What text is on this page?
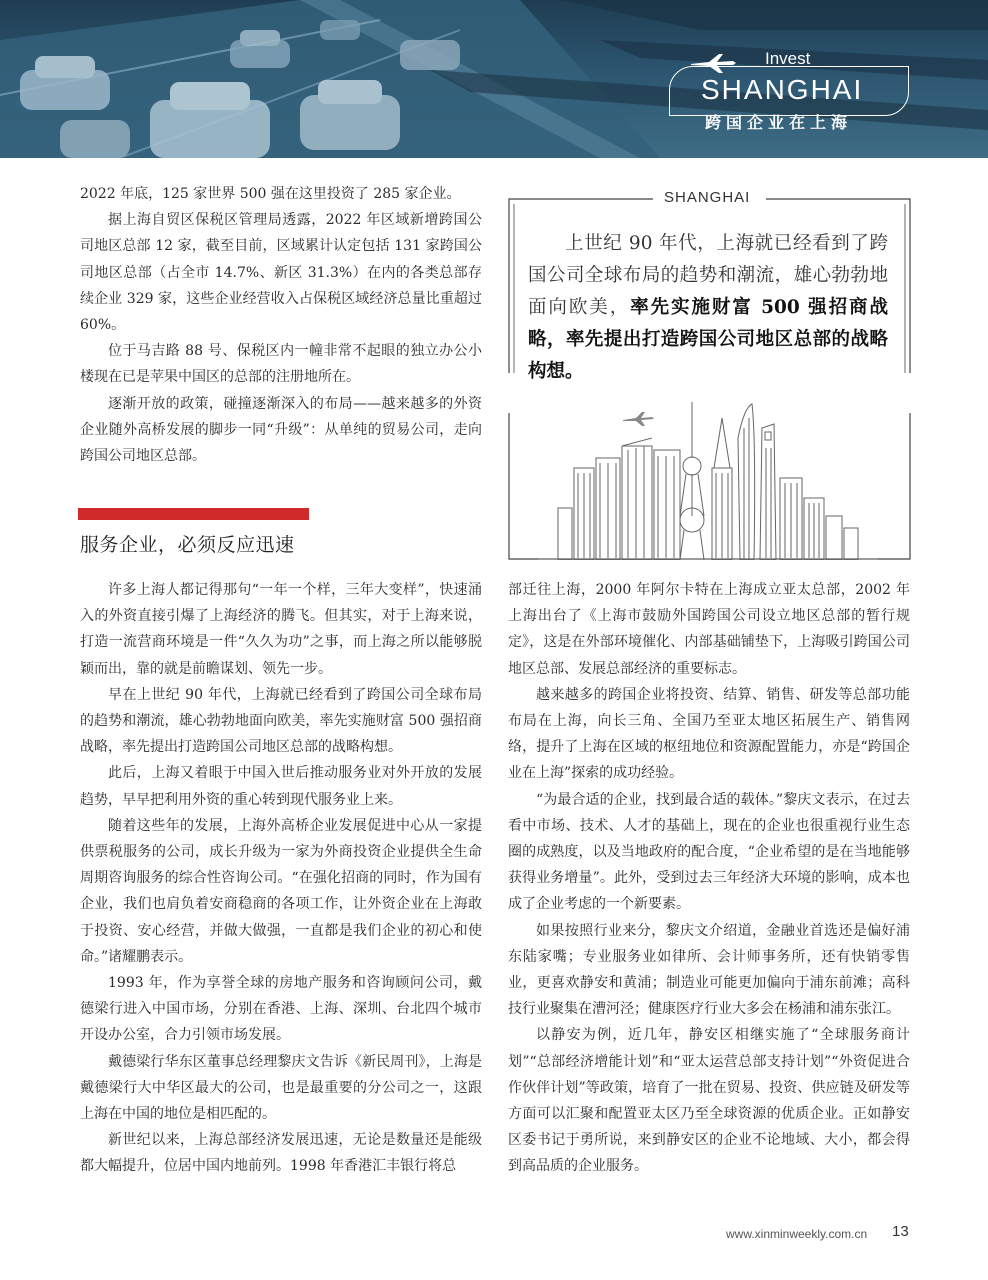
Invest
SHANGHAI
跨国企业在上海

2022 年底，125 家世界 500 强在这里投资了 285 家企业。

据上海自贸区保税区管理局透露，2022 年区域新增跨国公司地区总部 12 家，截至目前，区域累计认定包括 131 家跨国公司地区总部（占全市 14.7%、新区 31.3%）在内的各类总部存续企业 329 家，这些企业经营收入占保税区域经济总量比重超过 60%。

位于马吉路 88 号、保税区内一幢非常不起眼的独立办公小楼现在已是苹果中国区的总部的注册地所在。

逐渐开放的政策，碰撞逐渐深入的布局——越来越多的外资企业随外高桥发展的脚步一同“升级”：从单纯的贸易公司，走向跨国公司地区总部。

服务企业，必须反应迅速
SHANGHAI
上世纪 90 年代，上海就已经看到了跨国公司全球布局的趋势和潮流，雄心勃勃地面向欧美，率先实施财富 500 强招商战略，率先提出打造跨国公司地区总部的战略构想。

许多上海人都记得那句“一年一个样，三年大变样”，快速涌入的外资直接引爆了上海经济的腾飞。但其实，对于上海来说，打造一流营商环境是一件“久久为功”之事，而上海之所以能够脱颖而出，靠的就是前瞻谋划、领先一步。

早在上世纪 90 年代，上海就已经看到了跨国公司全球布局的趋势和潮流，雄心勃勃地面向欧美，率先实施财富 500 强招商战略，率先提出打造跨国公司地区总部的战略构想。

此后，上海又着眼于中国入世后推动服务业对外开放的发展趋势，早早把利用外资的重心转到现代服务业上来。

随着这些年的发展，上海外高桥企业发展促进中心从一家提供票税服务的公司，成长升级为一家为外商投资企业提供全生命周期咨询服务的综合性咨询公司。“在强化招商的同时，作为国有企业，我们也肩负着安商稳商的各项工作，让外资企业在上海敢于投资、安心经营，并做大做强，一直都是我们企业的初心和使命。”诸耀鹏表示。

1993 年，作为享誉全球的房地产服务和咨询顾问公司，戴德梁行进入中国市场，分别在香港、上海、深圳、台北四个城市开设办公室，合力引领市场发展。

戴德梁行华东区董事总经理黎庆文告诉《新民周刊》，上海是戴德梁行大中华区最大的公司，也是最重要的分公司之一，这跟上海在中国的地位是相匹配的。

新世纪以来，上海总部经济发展迅速，无论是数量还是能级都大幅提升，位居中国内地前列。1998 年香港汇丰银行将总

部迁往上海，2000 年阿尔卡特在上海成立亚太总部，2002 年上海出台了《上海市鼓励外国跨国公司设立地区总部的暂行规定》，这是在外部环境催化、内部基础铺垫下，上海吸引跨国公司地区总部、发展总部经济的重要标志。

越来越多的跨国企业将投资、结算、销售、研发等总部功能布局在上海，向长三角、全国乃至亚太地区拓展生产、销售网络，提升了上海在区域的枢纽地位和资源配置能力，亦是“跨国企业在上海”探索的成功经验。

“为最合适的企业，找到最合适的载体。”黎庆文表示，在过去看中市场、技术、人才的基础上，现在的企业也很重视行业生态圈的成熟度，以及当地政府的配合度，“企业希望的是在当地能够获得业务增量”。此外，受到过去三年经济大环境的影响，成本也成了企业考虑的一个新要素。

如果按照行业来分，黎庆文介绍道，金融业首选还是偏好浦东陆家嘴；专业服务业如律所、会计师事务所，还有快销零售业，更喜欢静安和黄浦；制造业可能更加偏向于浦东前滩；高科技行业聚集在漕河泾；健康医疗行业大多会在杨浦和浦东张江。

以静安为例，近几年，静安区相继实施了“全球服务商计划”“总部经济增能计划”和“亚太运营总部支持计划”“外资促进合作伙伴计划”等政策，培育了一批在贸易、投资、供应链及研发等方面可以汇聚和配置亚太区乃至全球资源的优质企业。正如静安区委书记于勇所说，来到静安区的企业不论地域、大小，都会得到高品质的企业服务。

www.xinminweekly.com.cn 13
